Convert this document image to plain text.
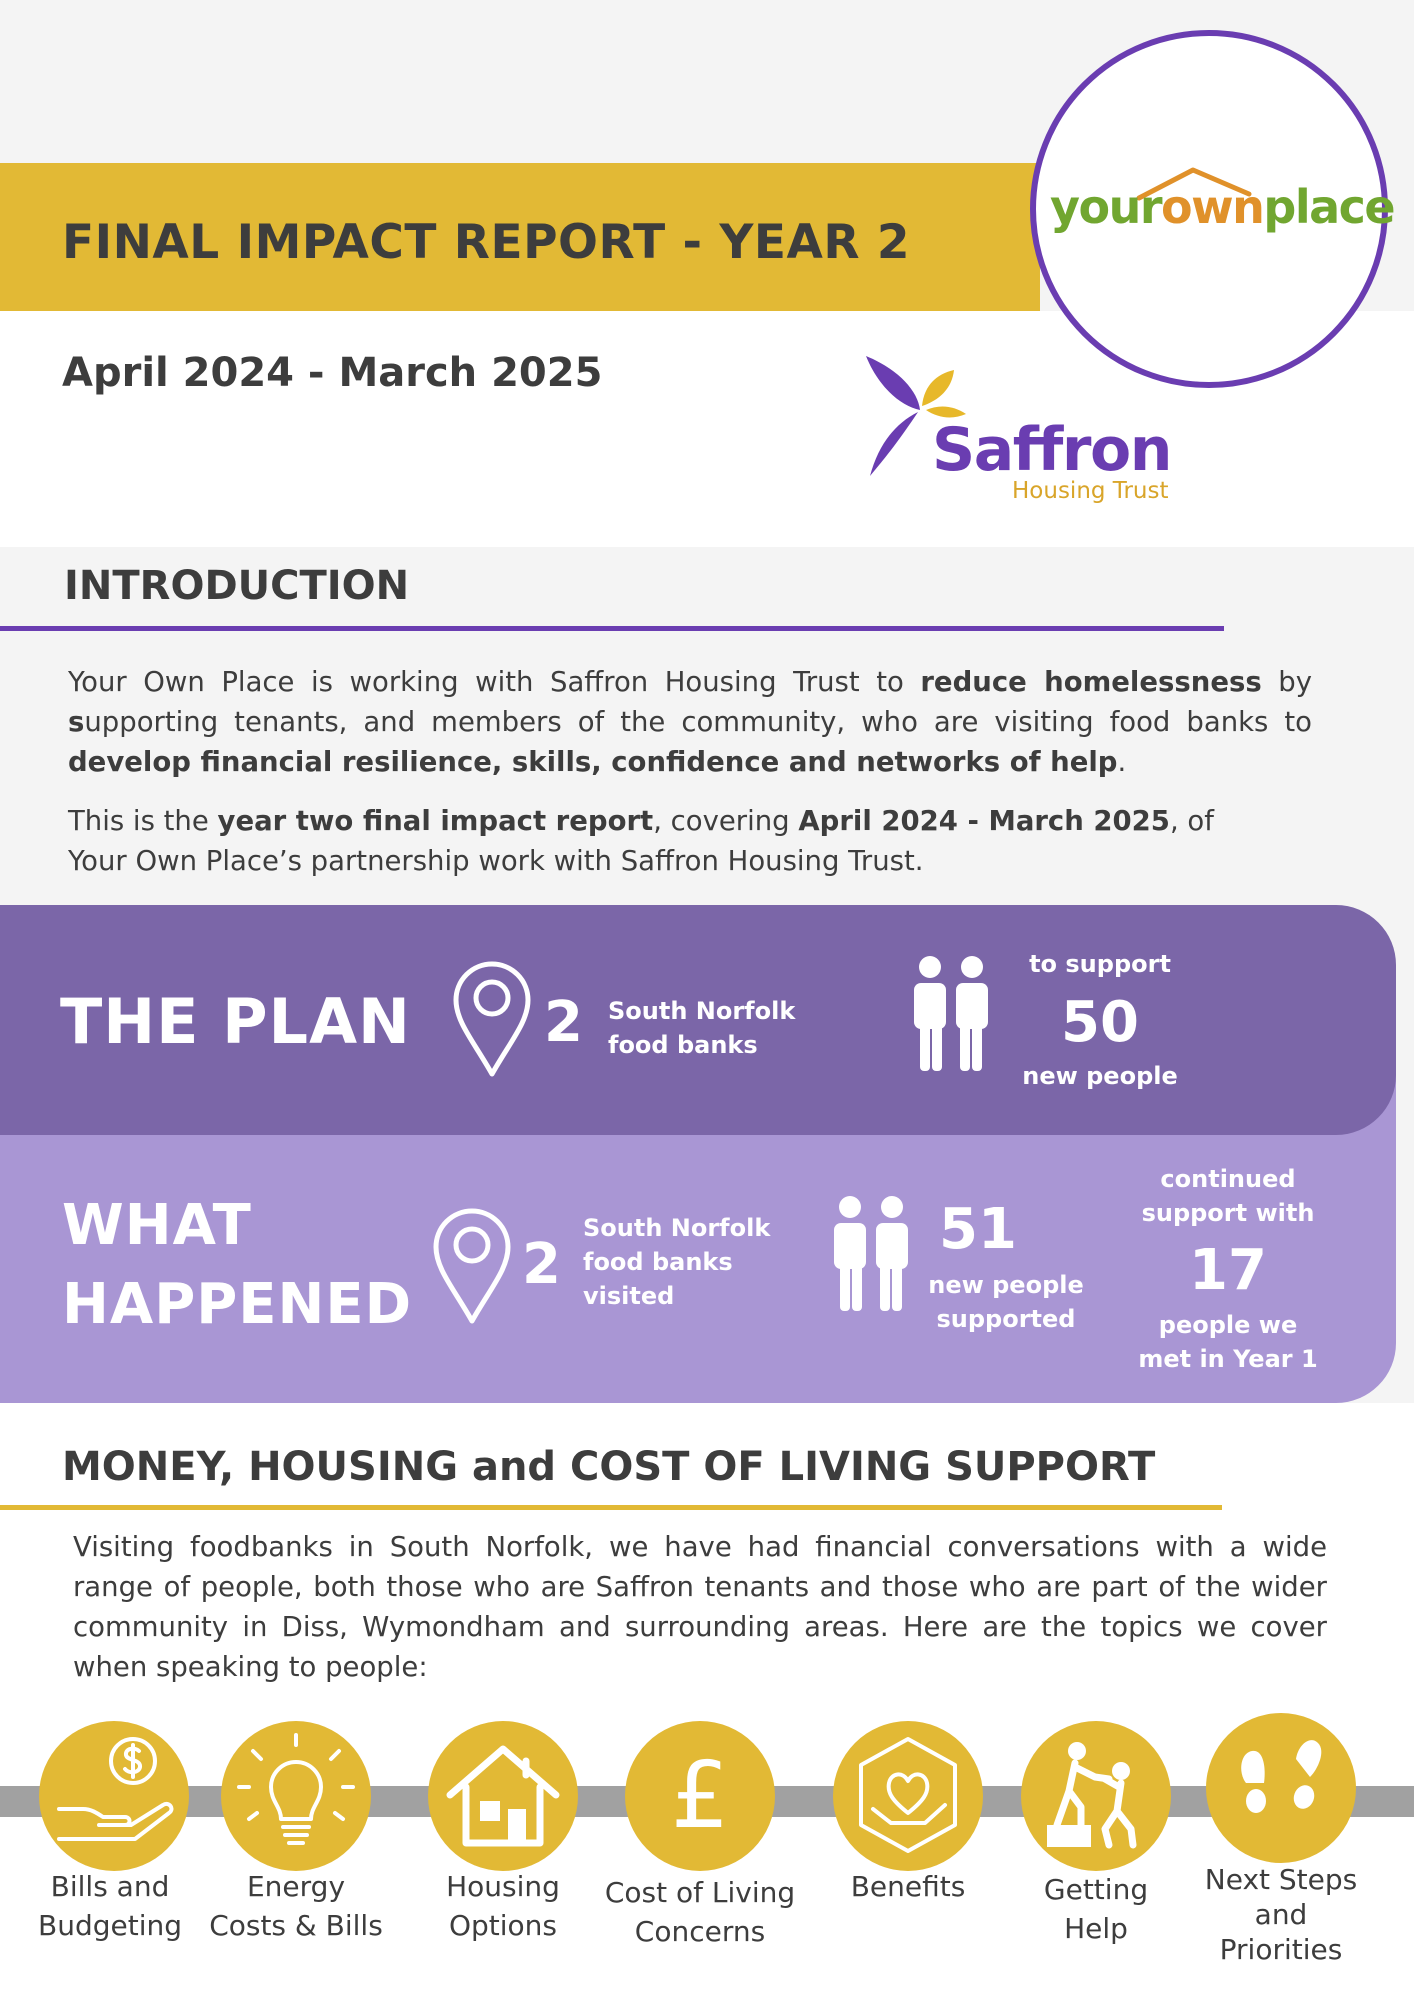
FINAL IMPACT REPORT - YEAR 2
April 2024 - March 2025
yourownplace
Saffron
Housing Trust
INTRODUCTION

Your Own Place is working with Saffron Housing Trust to reduce homelessness by supporting tenants, and members of the community, who are visiting food banks to develop financial resilience, skills, confidence and networks of help.

This is the year two final impact report, covering April 2024 - March 2025, of
Your Own Place’s partnership work with Saffron Housing Trust.

THE PLAN 2 South Norfolk
food banks
to support
50
new people
WHAT
HAPPENED
2
South Norfolk
food banks
visited
51
new people
supported
continued
support with
17
people we
met in Year 1
MONEY, HOUSING and COST OF LIVING SUPPORT

Visiting foodbanks in South Norfolk, we have had financial conversations with a wide range of people, both those who are Saffron tenants and those who are part of the wider community in Diss, Wymondham and surrounding areas. Here are the topics we cover when speaking to people:

Bills and
Budgeting
Energy
Costs & Bills
Housing
Options
£
Cost of Living
Concerns
Benefits	Getting
Help
Next Steps
and
Priorities
